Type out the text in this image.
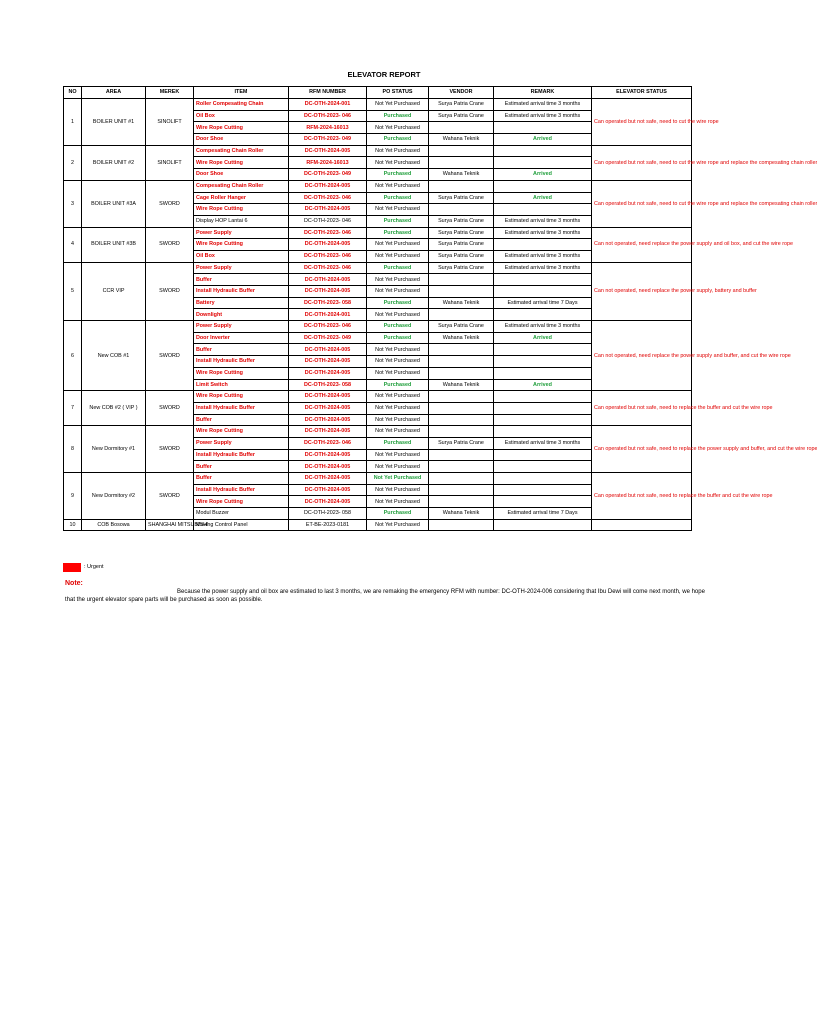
ELEVATOR REPORT
NO	AREA	MEREK	ITEM	RFM NUMBER	PO STATUS	VENDOR	REMARK	ELEVATOR STATUS
1	BOILER UNIT #1	SINOLIFT	Roller Compesating Chain	DC-OTH-2024-001	Not Yet Purchased	Surya Patria Crane	Estimated arrival time 3 months	Can operated but not safe, need to cut the wire rope
			Oil Box	DC-OTH-2023- 046	Purchased	Surya Patria Crane	Estimated arrival time 3 months	
			Wire Rope Cutting	RFM-2024-16013	Not Yet Purchased			
			Door Shoe	DC-OTH-2023- 049	Purchased	Wahana Teknik	Arrived	
2	BOILER UNIT #2	SINOLIFT	Compesating Chain Roller	DC-OTH-2024-005	Not Yet Purchased			Can operated but not safe, need to cut the wire rope and replace the compesating chain roller
			Wire Rope Cutting	RFM-2024-16013	Not Yet Purchased			
			Door Shoe	DC-OTH-2023- 049	Purchased	Wahana Teknik	Arrived	
3	BOILER UNIT #3A	SWORD	Compesating Chain Roller	DC-OTH-2024-005	Not Yet Purchased			Can operated but not safe, need to cut the wire rope and replace the compesating chain roller
			Cage Roller Hanger	DC-OTH-2023- 046	Purchased	Surya Patria Crane	Arrived	
			Wire Rope Cutting	DC-OTH-2024-005	Not Yet Purchased			
			Display HOP Lantai 6	DC-OTH-2023- 046	Purchased	Surya Patria Crane	Estimated arrival time 3 months	
4	BOILER UNIT #3B	SWORD	Power Supply	DC-OTH-2023- 046	Purchased	Surya Patria Crane	Estimated arrival time 3 months	Can not operated, need replace the power supply and oil box, and cut the wire rope
			Wire Rope Cutting	DC-OTH-2024-005	Not Yet Purchased	Surya Patria Crane		
			Oil Box	DC-OTH-2023- 046	Not Yet Purchased	Surya Patria Crane	Estimated arrival time 3 months	
5	CCR VIP	SWORD	Power Supply	DC-OTH-2023- 046	Purchased	Surya Patria Crane	Estimated arrival time 3 months	Can not operated, need replace the power supply, battery and buffer
			Buffer	DC-OTH-2024-005	Not Yet Purchased			
			Install Hydraulic Buffer	DC-OTH-2024-005	Not Yet Purchased			
			Battery	DC-OTH-2023- 058	Purchased	Wahana Teknik	Estimated arrival time 7 Days	
			Downlight	DC-OTH-2024-001	Not Yet Purchased			
6	New COB #1	SWORD	Power Supply	DC-OTH-2023- 046	Purchased	Surya Patria Crane	Estimated arrival time 3 months	Can not operated, need replace the power supply and buffer, and cut the wire rope
			Door Inverter	DC-OTH-2023- 049	Purchased	Wahana Teknik	Arrived	
			Buffer	DC-OTH-2024-005	Not Yet Purchased			
			Install Hydraulic Buffer	DC-OTH-2024-005	Not Yet Purchased			
			Wire Rope Cutting	DC-OTH-2024-005	Not Yet Purchased			
			Limit Switch	DC-OTH-2023- 058	Purchased	Wahana Teknik	Arrived	
7	New COB #2 ( VIP )	SWORD	Wire Rope Cutting	DC-OTH-2024-005	Not Yet Purchased			Can operated but not safe, need to replace the buffer and cut the wire rope
			Install Hydraulic Buffer	DC-OTH-2024-005	Not Yet Purchased			
			Buffer	DC-OTH-2024-005	Not Yet Purchased			
8	New Dormitory #1	SWORD	Wire Rope Cutting	DC-OTH-2024-005	Not Yet Purchased			Can operated but not safe, need to replace the power supply and buffer, and cut the wire rope
			Power Supply	DC-OTH-2023- 046	Purchased	Surya Patria Crane	Estimated arrival time 3 months	
			Install Hydraulic Buffer	DC-OTH-2024-005	Not Yet Purchased			
			Buffer	DC-OTH-2024-005	Not Yet Purchased			
9	New Dormitory #2	SWORD	Buffer	DC-OTH-2024-005	Not Yet Purchased			Can operated but not safe, need to replace the buffer and cut the wire rope
			Install Hydraulic Buffer	DC-OTH-2024-005	Not Yet Purchased			
			Wire Rope Cutting	DC-OTH-2024-005	Not Yet Purchased			
			Modul Buzzer	DC-OTH-2023- 058	Purchased	Wahana Teknik	Estimated arrival time 7 Days	
10	COB Bosowa	SHANGHAI MITSUBISHI	Moving Control Panel	ET-BE-2023-0181	Not Yet Purchased			
: Urgent
Note:
Because the power supply and oil box are estimated to last 3 months, we are remaking the emergency RFM with number: DC-OTH-2024-006 considering that Ibu Dewi will come next month, we hope that the urgent elevator spare parts will be purchased as soon as possible.
